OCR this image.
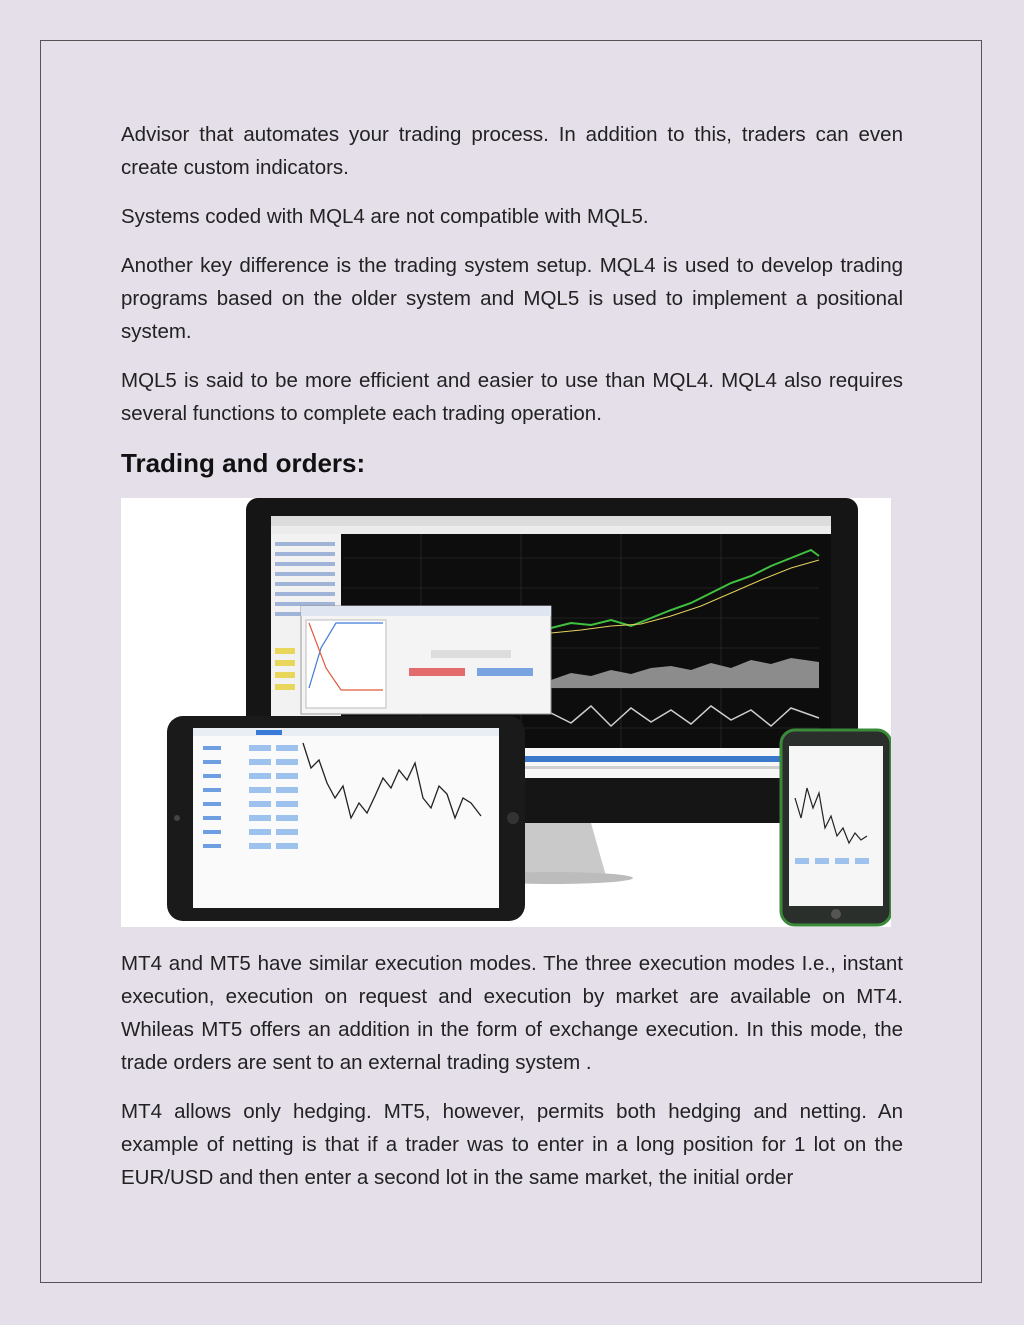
Advisor that automates your trading process. In addition to this, traders can even create custom indicators.

Systems coded with MQL4 are not compatible with MQL5.

Another key difference is the trading system setup. MQL4 is used to develop trading programs based on the older system and MQL5 is used to implement a positional system.

MQL5 is said to be more efficient and easier to use than MQL4. MQL4 also requires several functions to complete each trading operation.

Trading and orders:

MT4 and MT5 have similar execution modes. The three execution modes I.e., instant execution, execution on request and execution by market are available on MT4. Whileas MT5 offers an addition in the form of exchange execution. In this mode, the trade orders are sent to an external trading system .

MT4 allows only hedging. MT5, however, permits both hedging and netting. An example of netting is that if a trader was to enter in a long position for 1 lot on the EUR/USD and then enter a second lot in the same market, the initial order
